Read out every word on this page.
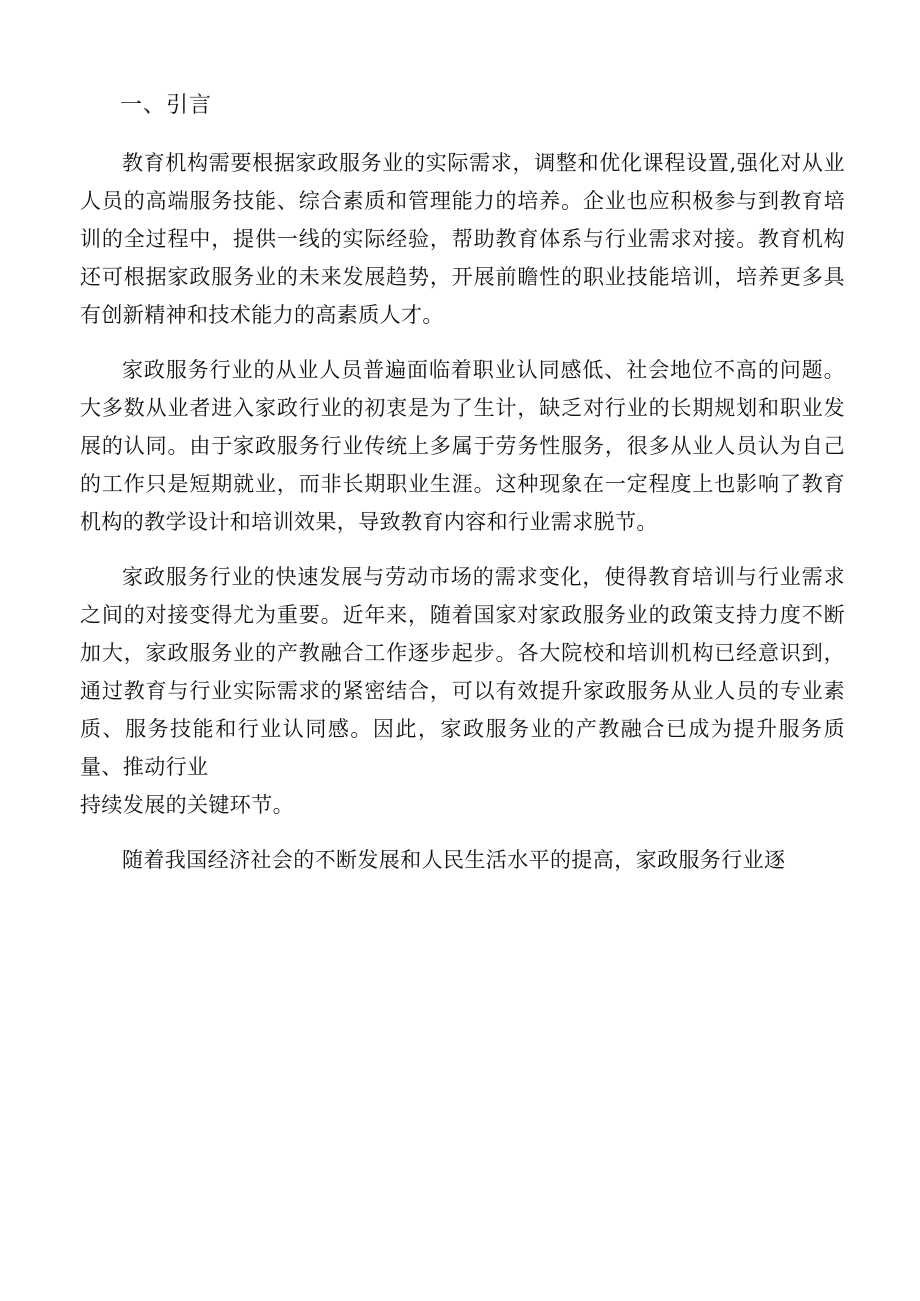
一、引言

教育机构需要根据家政服务业的实际需求，调整和优化课程设置,强化对从业人员的高端服务技能、综合素质和管理能力的培养。企业也应积极参与到教育培训的全过程中，提供一线的实际经验，帮助教育体系与行业需求对接。教育机构还可根据家政服务业的未来发展趋势，开展前瞻性的职业技能培训，培养更多具有创新精神和技术能力的高素质人才。

家政服务行业的从业人员普遍面临着职业认同感低、社会地位不高的问题。大多数从业者进入家政行业的初衷是为了生计，缺乏对行业的长期规划和职业发展的认同。由于家政服务行业传统上多属于劳务性服务，很多从业人员认为自己的工作只是短期就业，而非长期职业生涯。这种现象在一定程度上也影响了教育机构的教学设计和培训效果，导致教育内容和行业需求脱节。

家政服务行业的快速发展与劳动市场的需求变化，使得教育培训与行业需求之间的对接变得尤为重要。近年来，随着国家对家政服务业的政策支持力度不断加大，家政服务业的产教融合工作逐步起步。各大院校和培训机构已经意识到，通过教育与行业实际需求的紧密结合，可以有效提升家政服务从业人员的专业素质、服务技能和行业认同感。因此，家政服务业的产教融合已成为提升服务质量、推动行业

持续发展的关键环节。

随着我国经济社会的不断发展和人民生活水平的提高，家政服务行业逐
